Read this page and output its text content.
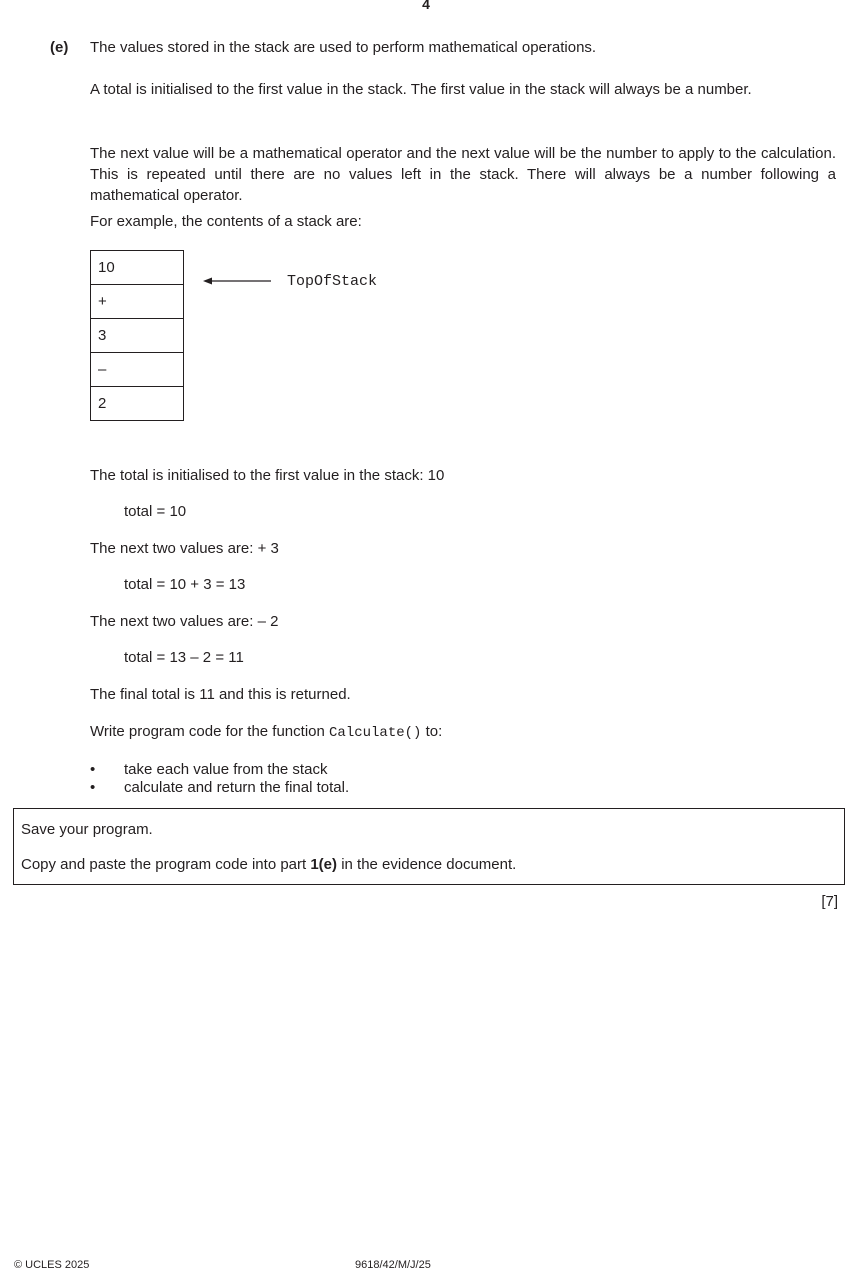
4
(e) The values stored in the stack are used to perform mathematical operations.
A total is initialised to the first value in the stack. The first value in the stack will always be a number.
The next value will be a mathematical operator and the next value will be the number to apply to the calculation. This is repeated until there are no values left in the stack. There will always be a number following a mathematical operator.
For example, the contents of a stack are:
10
+
3
–
2
TopOfStack
The total is initialised to the first value in the stack: 10
total = 10
The next two values are: + 3
total = 10 + 3 = 13
The next two values are: – 2
total = 13 – 2 = 11
The final total is 11 and this is returned.
Write program code for the function Calculate() to:
• take each value from the stack
• calculate and return the final total.
Save your program.
Copy and paste the program code into part 1(e) in the evidence document.
[7]
© UCLES 2025	9618/42/M/J/25
